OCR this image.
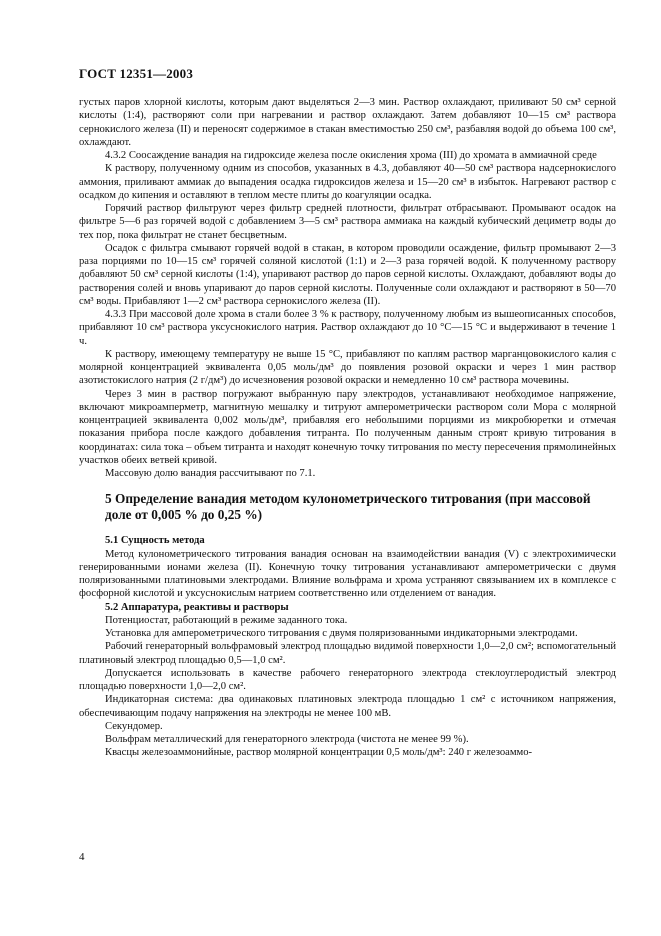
ГОСТ 12351—2003

густых паров хлорной кислоты, которым дают выделяться 2—3 мин. Раствор охлаждают, приливают 50 см³ серной кислоты (1:4), растворяют соли при нагревании и раствор охлаждают. Затем добавляют 10—15 см³ раствора сернокислого железа (II) и переносят содержимое в стакан вместимостью 250 см³, разбавляя водой до объема 100 см³, охлаждают.

4.3.2 Соосаждение ванадия на гидроксиде железа после окисления хрома (III) до хромата в аммиачной среде

К раствору, полученному одним из способов, указанных в 4.3, добавляют 40—50 см³ раствора надсернокислого аммония, приливают аммиак до выпадения осадка гидроксидов железа и 15—20 см³ в избыток. Нагревают раствор с осадком до кипения и оставляют в теплом месте плиты до коагуляции осадка.

Горячий раствор фильтруют через фильтр средней плотности, фильтрат отбрасывают. Промывают осадок на фильтре 5—6 раз горячей водой с добавлением 3—5 см³ раствора аммиака на каждый кубический дециметр воды до тех пор, пока фильтрат не станет бесцветным.

Осадок с фильтра смывают горячей водой в стакан, в котором проводили осаждение, фильтр промывают 2—3 раза порциями по 10—15 см³ горячей соляной кислотой (1:1) и 2—3 раза горячей водой. К полученному раствору добавляют 50 см³ серной кислоты (1:4), упаривают раствор до паров серной кислоты. Охлаждают, добавляют воды до растворения солей и вновь упаривают до паров серной кислоты. Полученные соли охлаждают и растворяют в 50—70 см³ воды. Прибавляют 1—2 см³ раствора сернокислого железа (II).

4.3.3 При массовой доле хрома в стали более 3 % к раствору, полученному любым из вышеописанных способов, прибавляют 10 см³ раствора уксуснокислого натрия. Раствор охлаждают до 10 °С—15 °С и выдерживают в течение 1 ч.

К раствору, имеющему температуру не выше 15 °С, прибавляют по каплям раствор марганцовокислого калия с молярной концентрацией эквивалента 0,05 моль/дм³ до появления розовой окраски и через 1 мин раствор азотистокислого натрия (2 г/дм³) до исчезновения розовой окраски и немедленно 10 см³ раствора мочевины.

Через 3 мин в раствор погружают выбранную пару электродов, устанавливают необходимое напряжение, включают микроамперметр, магнитную мешалку и титруют амперометрически раствором соли Мора с молярной концентрацией эквивалента 0,002 моль/дм³, прибавляя его небольшими порциями из микробюретки и отмечая показания прибора после каждого добавления титранта. По полученным данным строят кривую титрования в координатах: сила тока – объем титранта и находят конечную точку титрования по месту пересечения прямолинейных участков обеих ветвей кривой.

Массовую долю ванадия рассчитывают по 7.1.

5 Определение ванадия методом кулонометрического титрования (при массовой доле от 0,005 % до 0,25 %)

5.1 Сущность метода

Метод кулонометрического титрования ванадия основан на взаимодействии ванадия (V) с электрохимически генерированными ионами железа (II). Конечную точку титрования устанавливают амперометрически с двумя поляризованными платиновыми электродами. Влияние вольфрама и хрома устраняют связыванием их в комплексе с фосфорной кислотой и уксуснокислым натрием соответственно или отделением от ванадия.

5.2 Аппаратура, реактивы и растворы

Потенциостат, работающий в режиме заданного тока.

Установка для амперометрического титрования с двумя поляризованными индикаторными электродами.

Рабочий генераторный вольфрамовый электрод площадью видимой поверхности 1,0—2,0 см²; вспомогательный платиновый электрод площадью 0,5—1,0 см².

Допускается использовать в качестве рабочего генераторного электрода стеклоуглеродистый электрод площадью поверхности 1,0—2,0 см².

Индикаторная система: два одинаковых платиновых электрода площадью 1 см² с источником напряжения, обеспечивающим подачу напряжения на электроды не менее 100 мВ.

Секундомер.

Вольфрам металлический для генераторного электрода (чистота не менее 99 %).

Квасцы железоаммонийные, раствор молярной концентрации 0,5 моль/дм³: 240 г железоаммо-

4
